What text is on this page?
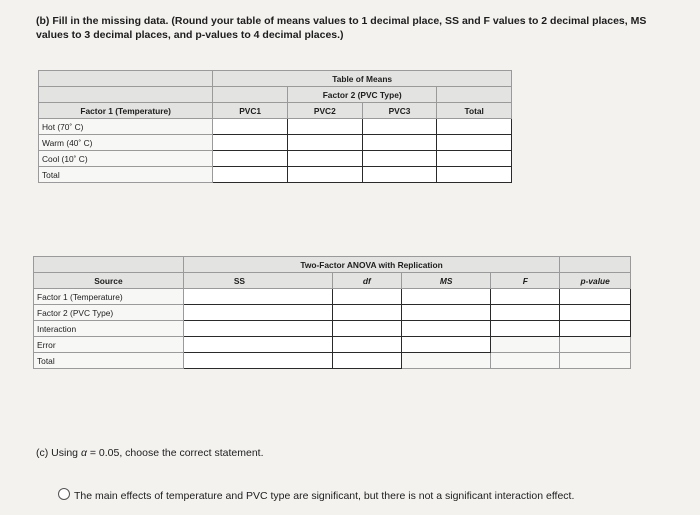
(b) Fill in the missing data. (Round your table of means values to 1 decimal place, SS and F values to 2 decimal places, MS values to 3 decimal places, and p-values to 4 decimal places.)
	Table of Means			
		Factor 2 (PVC Type)		
Factor 1 (Temperature)	PVC1	PVC2	PVC3	Total
Hot (70˚ C)				
Warm (40˚ C)				
Cool (10˚ C)				
Total				
	Two-Factor ANOVA with Replication				
Source	SS	df	MS	F	p-value
Factor 1 (Temperature)					
Factor 2 (PVC Type)					
Interaction					
Error					
Total					
(c) Using α = 0.05, choose the correct statement.
The main effects of temperature and PVC type are significant, but there is not a significant interaction effect.
